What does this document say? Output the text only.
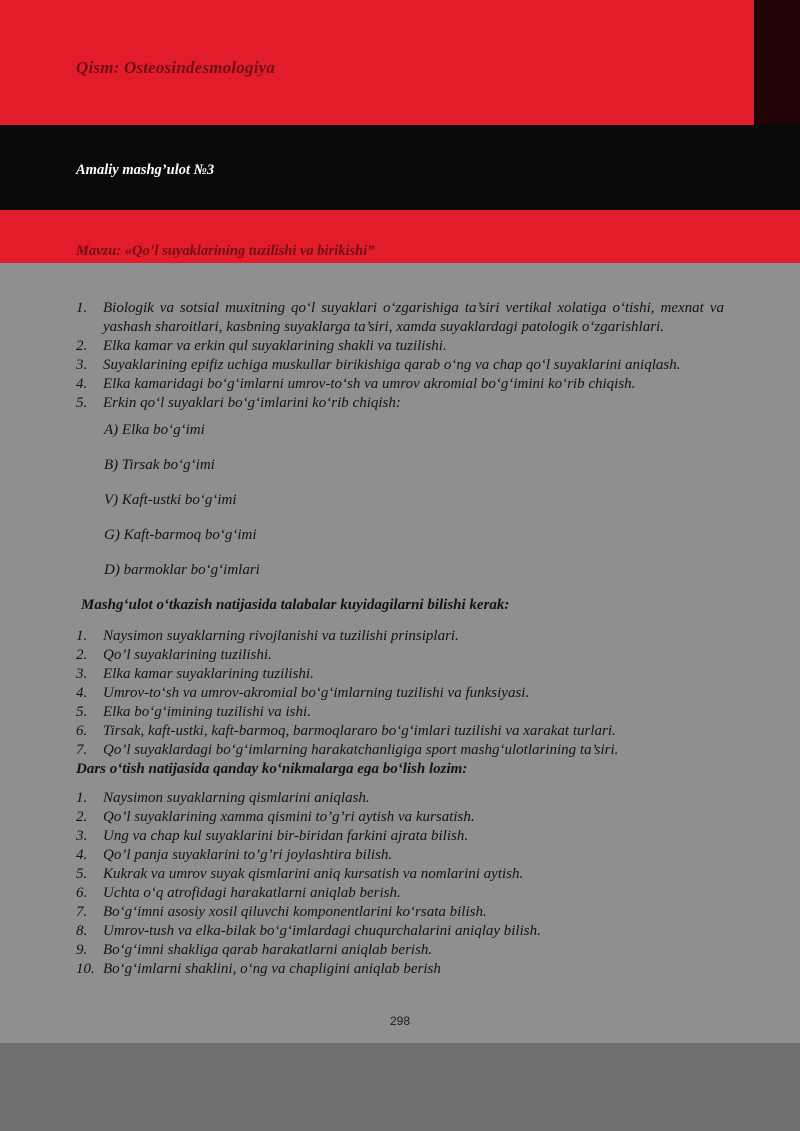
Qism: Osteosindesmologiya
Amaliy mashg’ulot №3
Mavzu: «Qo’l suyaklarining tuzilishi va birikishi”
1.	Biologik va sotsial muxitning qo‘l suyaklari o‘zgarishiga ta’siri vertikal xolatiga o‘tishi, mexnat va yashash sharoitlari, kasbning suyaklarga ta’siri, xamda suyaklardagi patologik o‘zgarishlari.
2.	Elka kamar va erkin qul suyaklarining shakli va tuzilishi.
3.	Suyaklarining epifiz uchiga muskullar birikishiga qarab o‘ng va chap qo‘l suyaklarini aniqlash.
4.	Elka kamaridagi bo‘g‘imlarni umrov-to‘sh va umrov akromial bo‘g‘imini ko‘rib chiqish.
5.	Erkin qo‘l suyaklari bo‘g‘imlarini ko‘rib chiqish:
A) Elka bo‘g‘imi
B) Tirsak bo‘g‘imi
V) Kaft-ustki bo‘g‘imi
G) Kaft-barmoq bo‘g‘imi
D) barmoklar bo‘g‘imlari
Mashg‘ulot o‘tkazish natijasida talabalar kuyidagilarni bilishi kerak:
1.	Naysimon suyaklarning rivojlanishi va tuzilishi prinsiplari.
2.	Qo’l suyaklarining tuzilishi.
3.	Elka kamar suyaklarining tuzilishi.
4.	Umrov-to‘sh va umrov-akromial bo‘g‘imlarning tuzilishi va funksiyasi.
5.	Elka bo‘g‘imining tuzilishi va ishi.
6.	Tirsak, kaft-ustki, kaft-barmoq, barmoqlararo bo‘g‘imlari tuzilishi va xarakat turlari.
7.	Qo’l suyaklardagi bo‘g‘imlarning harakatchanligiga sport mashg‘ulotlarining ta’siri.
Dars o‘tish natijasida qanday ko‘nikmalarga ega bo‘lish lozim:
1.	Naysimon suyaklarning qismlarini aniqlash.
2.	Qo’l suyaklarining xamma qismini to’g’ri aytish va kursatish.
3.	Ung va chap kul suyaklarini bir-biridan farkini ajrata bilish.
4.	Qo’l panja suyaklarini to’g’ri joylashtira bilish.
5.	Kukrak va umrov suyak qismlarini aniq kursatish va nomlarini aytish.
6.	Uchta o‘q atrofidagi harakatlarni aniqlab berish.
7.	Bo‘g‘imni asosiy xosil qiluvchi komponentlarini ko‘rsata bilish.
8.	Umrov-tush va elka-bilak bo‘g‘imlardagi chuqurchalarini aniqlay bilish.
9.	Bo‘g‘imni shakliga qarab harakatlarni aniqlab berish.
10. Bo‘g‘imlarni shaklini, o‘ng va chapligini aniqlab berish
298
